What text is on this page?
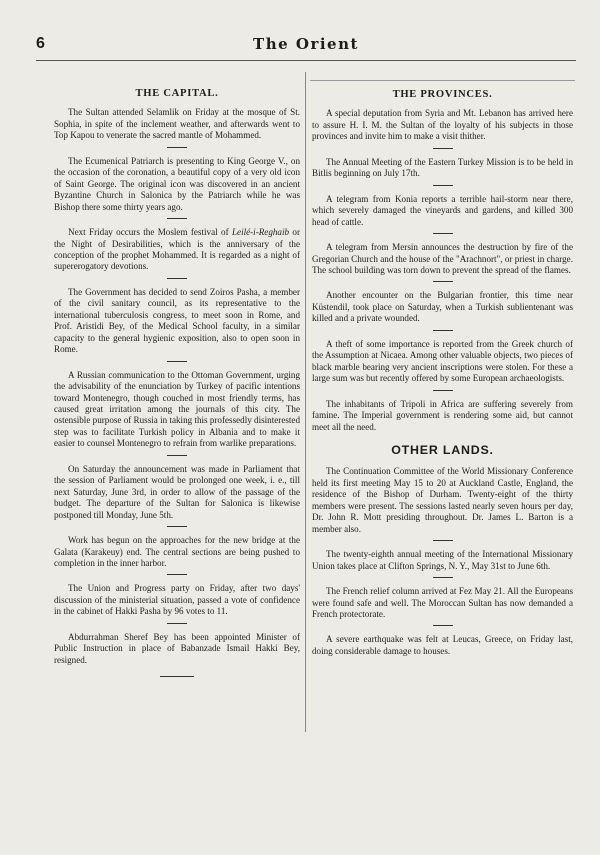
6	The Orient
THE CAPITAL.

The Sultan attended Selamlik on Friday at the mosque of St. Sophia, in spite of the inclement weather, and afterwards went to Top Kapou to venerate the sacred mantle of Mohammed.

The Ecumenical Patriarch is presenting to King George V., on the occasion of the coronation, a beautiful copy of a very old icon of Saint George. The original icon was discovered in an ancient Byzantine Church in Salonica by the Patriarch while he was Bishop there some thirty years ago.

Next Friday occurs the Moslem festival of Leilé-i-Reghaib or the Night of Desirabilities, which is the anniversary of the conception of the prophet Mohammed. It is regarded as a night of supererogatory devotions.

The Government has decided to send Zoiros Pasha, a member of the civil sanitary council, as its representative to the international tuberculosis congress, to meet soon in Rome, and Prof. Aristidi Bey, of the Medical School faculty, in a similar capacity to the general hygienic exposition, also to open soon in Rome.

A Russian communication to the Ottoman Government, urging the advisability of the enunciation by Turkey of pacific intentions toward Montenegro, though couched in most friendly terms, has caused great irritation among the journals of this city. The ostensible purpose of Russia in taking this professedly disinterested step was to facilitate Turkish policy in Albania and to make it easier to counsel Montenegro to refrain from warlike preparations.

On Saturday the announcement was made in Parliament that the session of Parliament would be prolonged one week, i. e., till next Saturday, June 3rd, in order to allow of the passage of the budget. The departure of the Sultan for Salonica is likewise postponed till Monday, June 5th.

Work has begun on the approaches for the new bridge at the Galata (Karakeuy) end. The central sections are being pushed to completion in the inner harbor.

The Union and Progress party on Friday, after two days' discussion of the ministerial situation, passed a vote of confidence in the cabinet of Hakki Pasha by 96 votes to 11.

Abdurrahman Sheref Bey has been appointed Minister of Public Instruction in place of Babanzade Ismail Hakki Bey, resigned.

THE PROVINCES.

A special deputation from Syria and Mt. Lebanon has arrived here to assure H. I. M. the Sultan of the loyalty of his subjects in those provinces and invite him to make a visit thither.

The Annual Meeting of the Eastern Turkey Mission is to be held in Bitlis beginning on July 17th.

A telegram from Konia reports a terrible hail-storm near there, which severely damaged the vineyards and gardens, and killed 300 head of cattle.

A telegram from Mersin announces the destruction by fire of the Gregorian Church and the house of the "Arachnort", or priest in charge. The school building was torn down to prevent the spread of the flames.

Another encounter on the Bulgarian frontier, this time near Küstendil, took place on Saturday, when a Turkish sublientenant was killed and a private wounded.

A theft of some importance is reported from the Greek church of the Assumption at Nicaea. Among other valuable objects, two pieces of black marble bearing very ancient inscriptions were stolen. For these a large sum was but recently offered by some European archaeologists.

The inhabitants of Tripoli in Africa are suffering severely from famine. The Imperial government is rendering some aid, but cannot meet all the need.

OTHER LANDS.

The Continuation Committee of the World Missionary Conference held its first meeting May 15 to 20 at Auckland Castle, England, the residence of the Bishop of Durham. Twenty-eight of the thirty members were present. The sessions lasted nearly seven hours per day, Dr. John R. Mott presiding throughout. Dr. James L. Barton is a member also.

The twenty-eighth annual meeting of the International Missionary Union takes place at Clifton Springs, N. Y., May 31st to June 6th.

The French relief column arrived at Fez May 21. All the Europeans were found safe and well. The Moroccan Sultan has now demanded a French protectorate.

A severe earthquake was felt at Leucas, Greece, on Friday last, doing considerable damage to houses.
